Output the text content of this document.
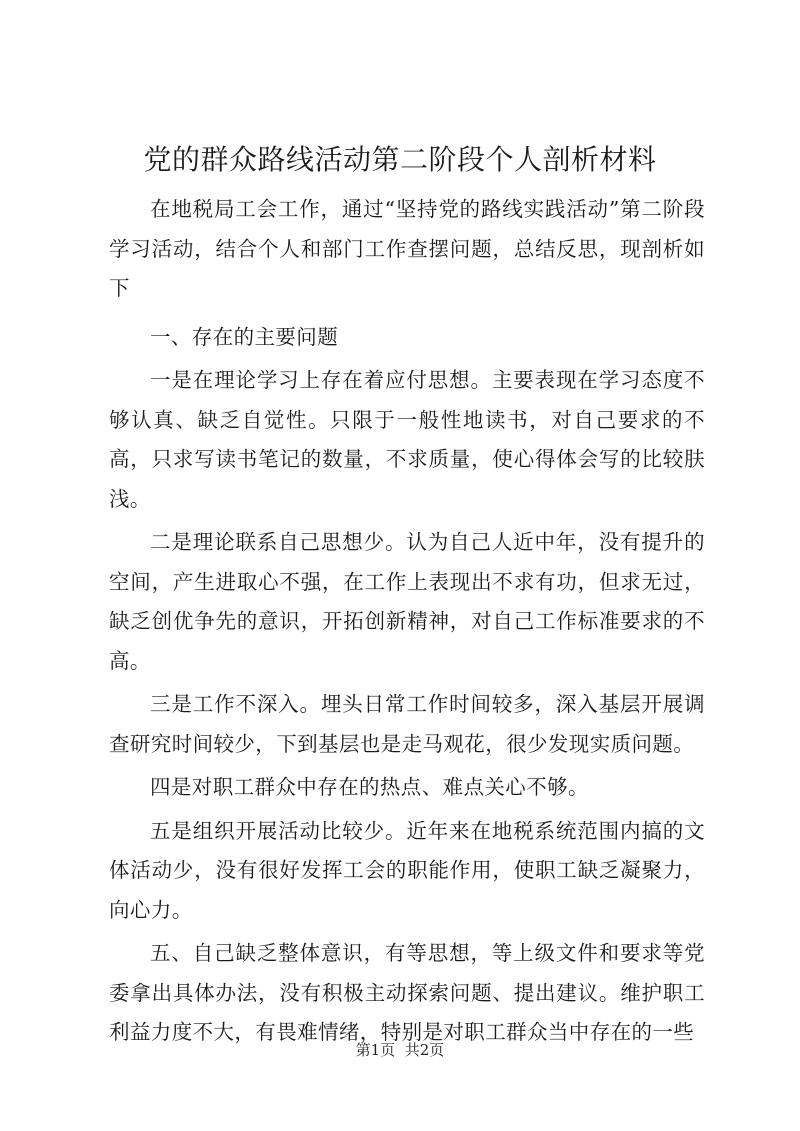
党的群众路线活动第二阶段个人剖析材料

在地税局工会工作，通过“坚持党的路线实践活动”第二阶段学习活动，结合个人和部门工作查摆问题，总结反思，现剖析如下

一、存在的主要问题

一是在理论学习上存在着应付思想。主要表现在学习态度不够认真、缺乏自觉性。只限于一般性地读书，对自己要求的不高，只求写读书笔记的数量，不求质量，使心得体会写的比较肤浅。

二是理论联系自己思想少。认为自己人近中年，没有提升的空间，产生进取心不强，在工作上表现出不求有功，但求无过，缺乏创优争先的意识，开拓创新精神，对自己工作标准要求的不高。

三是工作不深入。埋头日常工作时间较多，深入基层开展调查研究时间较少，下到基层也是走马观花，很少发现实质问题。

四是对职工群众中存在的热点、难点关心不够。

五是组织开展活动比较少。近年来在地税系统范围内搞的文体活动少，没有很好发挥工会的职能作用，使职工缺乏凝聚力，向心力。

五、自己缺乏整体意识，有等思想，等上级文件和要求等党委拿出具体办法，没有积极主动探索问题、提出建议。维护职工利益力度不大，有畏难情绪，特别是对职工群众当中存在的一些

第1页 共2页
